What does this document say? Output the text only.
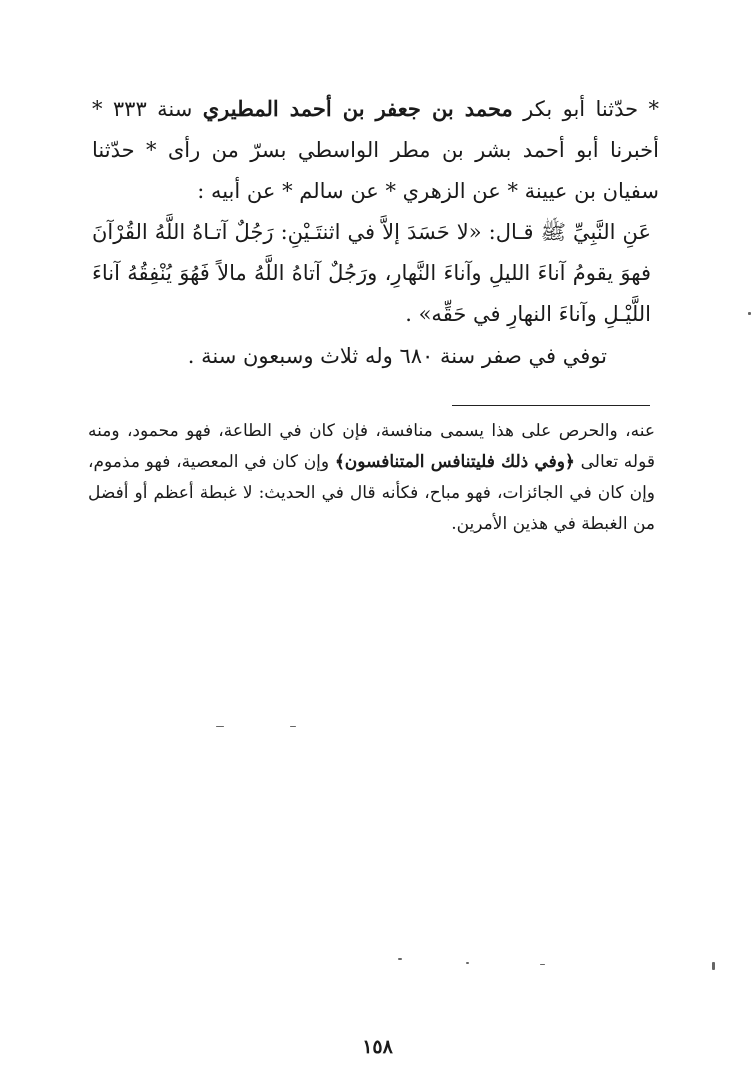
* حدّثنا أبو بكر محمد بن جعفر بن أحمد المطيري سنة ٣٣٣ * أخبرنا أبو أحمد بشر بن مطر الواسطي بسرّ من رأى * حدّثنا سفيان بن عيينة * عن الزهري * عن سالم * عن أبيه :

عَنِ النَّبِيِّ ﷺ قـال: «لا حَسَدَ إلاَّ في اثنتَـيْنِ: رَجُلٌ آتـاهُ اللَّهُ القُرْآنَ فهوَ يقومُ آناءَ الليلِ وآناءَ النَّهارِ، ورَجُلٌ آتاهُ اللَّهُ مالاً فَهُوَ يُنْفِقُهُ آناءَ اللَّيْـلِ وآناءَ النهارِ في حَقِّه» .
توفي في صفر سنة ٦٨٠ وله ثلاث وسبعون سنة .
عنه، والحرص على هذا يسمى منافسة، فإن كان في الطاعة، فهو محمود، ومنه قوله تعالى ﴿وفي ذلك فليتنافس المتنافسون﴾ وإن كان في المعصية، فهو مذموم، وإن كان في الجائزات، فهو مباح، فكأنه قال في الحديث: لا غبطة أعظم أو أفضل من الغبطة في هذين الأمرين.
١٥٨
